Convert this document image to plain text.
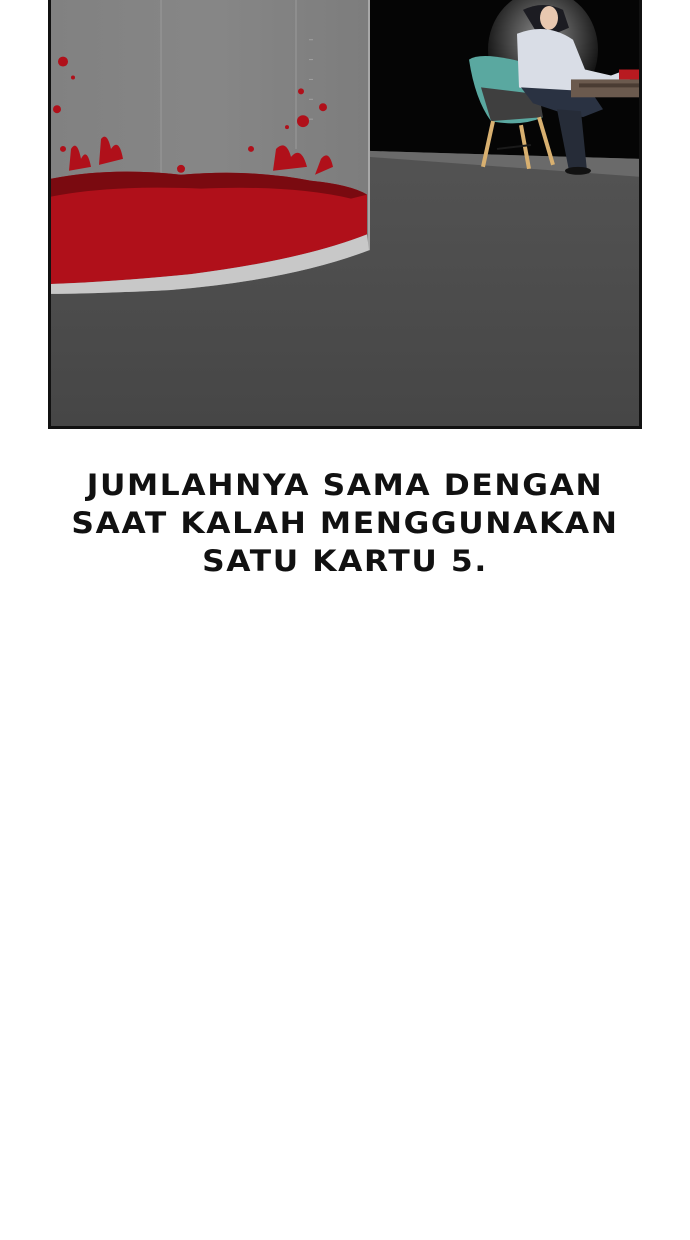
JUMLAHNYA SAMA DENGAN
SAAT KALAH MENGGUNAKAN
SATU KARTU 5.
